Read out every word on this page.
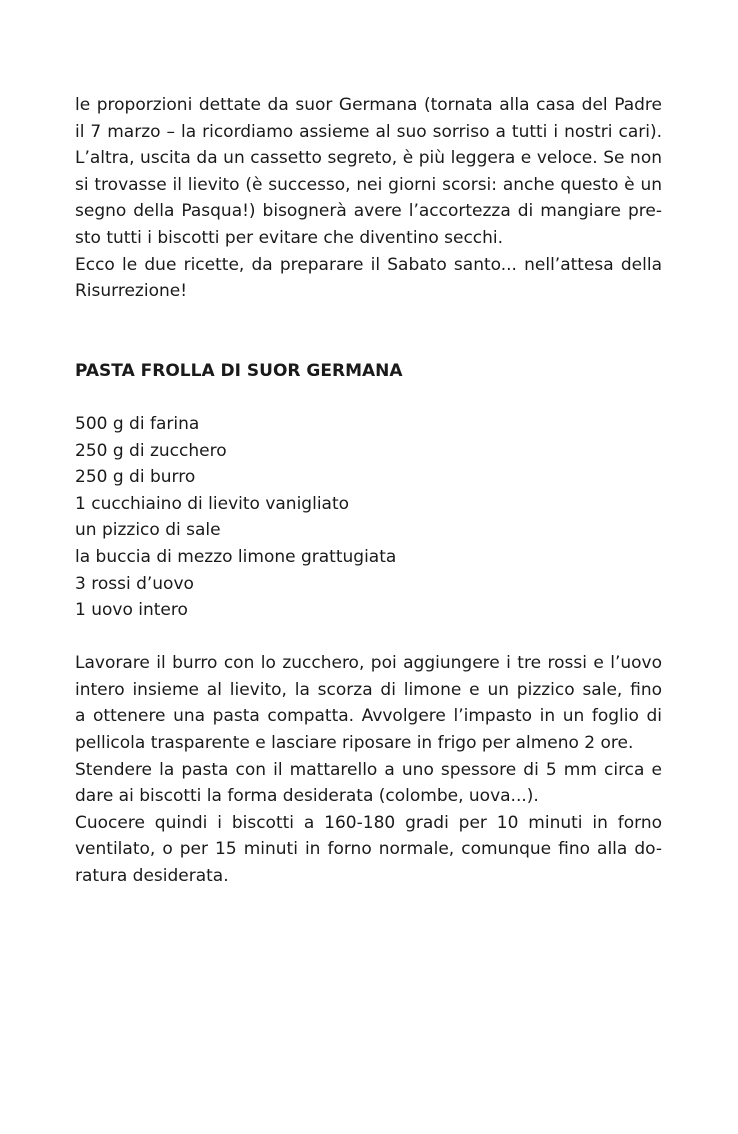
le proporzioni dettate da suor Germana (tornata alla casa del Padre
il 7 marzo – la ricordiamo assieme al suo sorriso a tutti i nostri cari).
L’altra, uscita da un cassetto segreto, è più leggera e veloce. Se non
si trovasse il lievito (è successo, nei giorni scorsi: anche questo è un
segno della Pasqua!) bisognerà avere l’accortezza di mangiare pre-
sto tutti i biscotti per evitare che diventino secchi.
Ecco le due ricette, da preparare il Sabato santo... nell’attesa della
Risurrezione!
PASTA FROLLA DI SUOR GERMANA
500 g di farina
250 g di zucchero
250 g di burro
1 cucchiaino di lievito vanigliato
un pizzico di sale
la buccia di mezzo limone grattugiata
3 rossi d’uovo
1 uovo intero
Lavorare il burro con lo zucchero, poi aggiungere i tre rossi e l’uovo
intero insieme al lievito, la scorza di limone e un pizzico sale, fino
a ottenere una pasta compatta. Avvolgere l’impasto in un foglio di
pellicola trasparente e lasciare riposare in frigo per almeno 2 ore.
Stendere la pasta con il mattarello a uno spessore di 5 mm circa e
dare ai biscotti la forma desiderata (colombe, uova...).
Cuocere quindi i biscotti a 160-180 gradi per 10 minuti in forno
ventilato, o per 15 minuti in forno normale, comunque fino alla do-
ratura desiderata.
